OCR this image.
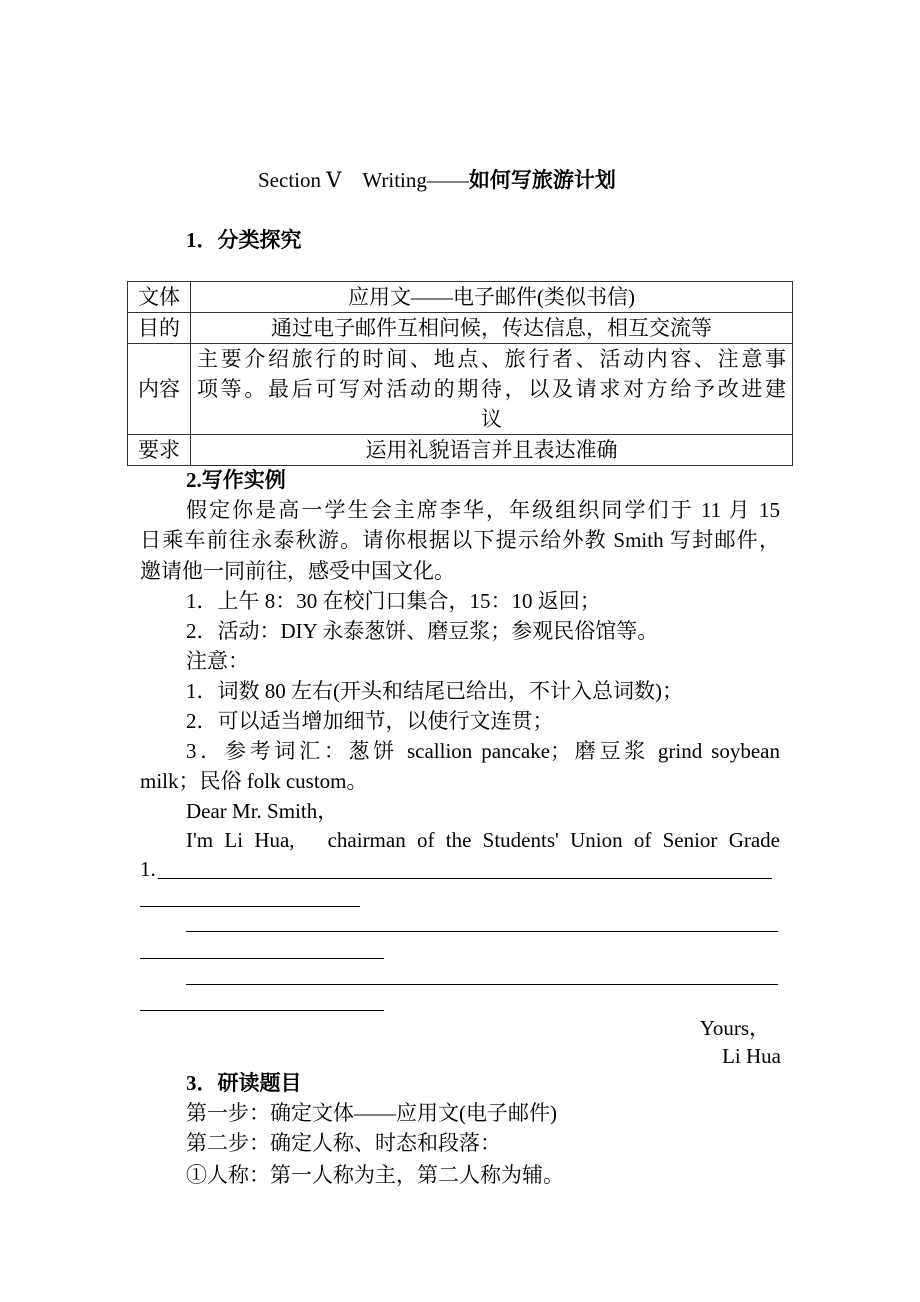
Section Ⅴ　Writing——如何写旅游计划
1．分类探究
文体	应用文——电子邮件(类似书信)
目的	通过电子邮件互相问候，传达信息，相互交流等
内容	主要介绍旅行的时间、地点、旅行者、活动内容、注意事
项等。最后可写对活动的期待，以及请求对方给予改进建
议

要求	运用礼貌语言并且表达准确
2.写作实例
假定你是高一学生会主席李华，年级组织同学们于 11 月 15
日乘车前往永泰秋游。请你根据以下提示给外教 Smith 写封邮件，
邀请他一同前往，感受中国文化。
1．上午 8：30 在校门口集合，15：10 返回；
2．活动：DIY 永泰葱饼、磨豆浆；参观民俗馆等。
注意：
1．词数 80 左右(开头和结尾已给出，不计入总词数)；
2．可以适当增加细节，以使行文连贯；
3．参考词汇：葱饼 scallion pancake；磨豆浆 grind soybean
milk；民俗 folk custom。
Dear Mr. Smith，
I'm Li Hua,　chairman of the Students' Union of Senior Grade
1.
Yours，
Li Hua
3．研读题目
第一步：确定文体——应用文(电子邮件)
第二步：确定人称、时态和段落：
①人称：第一人称为主，第二人称为辅。
